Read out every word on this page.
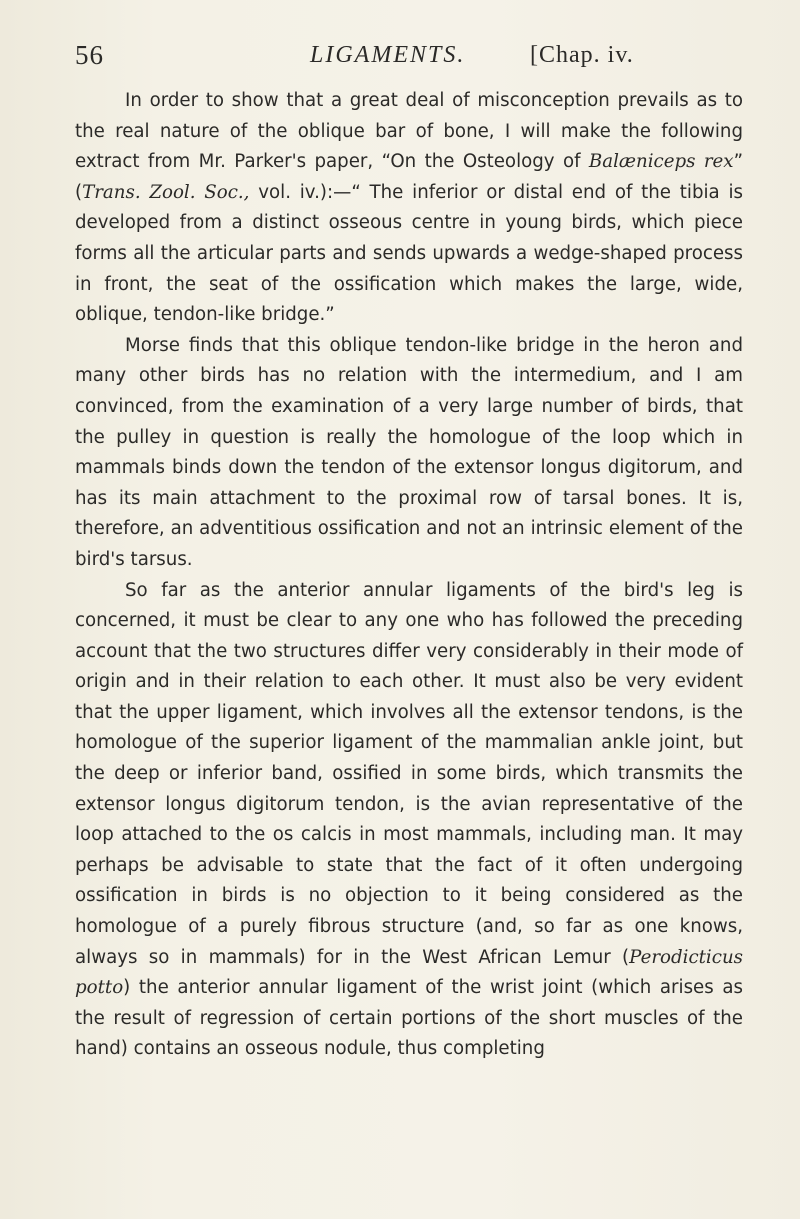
56	LIGAMENTS.	[Chap. iv.

In order to show that a great deal of misconception prevails as to the real nature of the oblique bar of bone, I will make the following extract from Mr. Parker's paper, “On the Osteology of Balæniceps rex” (Trans. Zool. Soc., vol. iv.):—“ The inferior or distal end of the tibia is developed from a distinct osseous centre in young birds, which piece forms all the articular parts and sends upwards a wedge-shaped process in front, the seat of the ossification which makes the large, wide, oblique, tendon-like bridge.”

Morse finds that this oblique tendon-like bridge in the heron and many other birds has no relation with the intermedium, and I am convinced, from the examination of a very large number of birds, that the pulley in question is really the homologue of the loop which in mammals binds down the tendon of the extensor longus digitorum, and has its main attachment to the proximal row of tarsal bones. It is, therefore, an adventitious ossification and not an intrinsic element of the bird's tarsus.

So far as the anterior annular ligaments of the bird's leg is concerned, it must be clear to any one who has followed the preceding account that the two structures differ very considerably in their mode of origin and in their relation to each other. It must also be very evident that the upper ligament, which involves all the extensor tendons, is the homologue of the superior ligament of the mammalian ankle joint, but the deep or inferior band, ossified in some birds, which transmits the extensor longus digitorum tendon, is the avian representative of the loop attached to the os calcis in most mammals, including man. It may perhaps be advisable to state that the fact of it often undergoing ossification in birds is no objection to it being considered as the homologue of a purely fibrous structure (and, so far as one knows, always so in mammals) for in the West African Lemur (Perodicticus potto) the anterior annular ligament of the wrist joint (which arises as the result of regression of certain portions of the short muscles of the hand) contains an osseous nodule, thus completing
